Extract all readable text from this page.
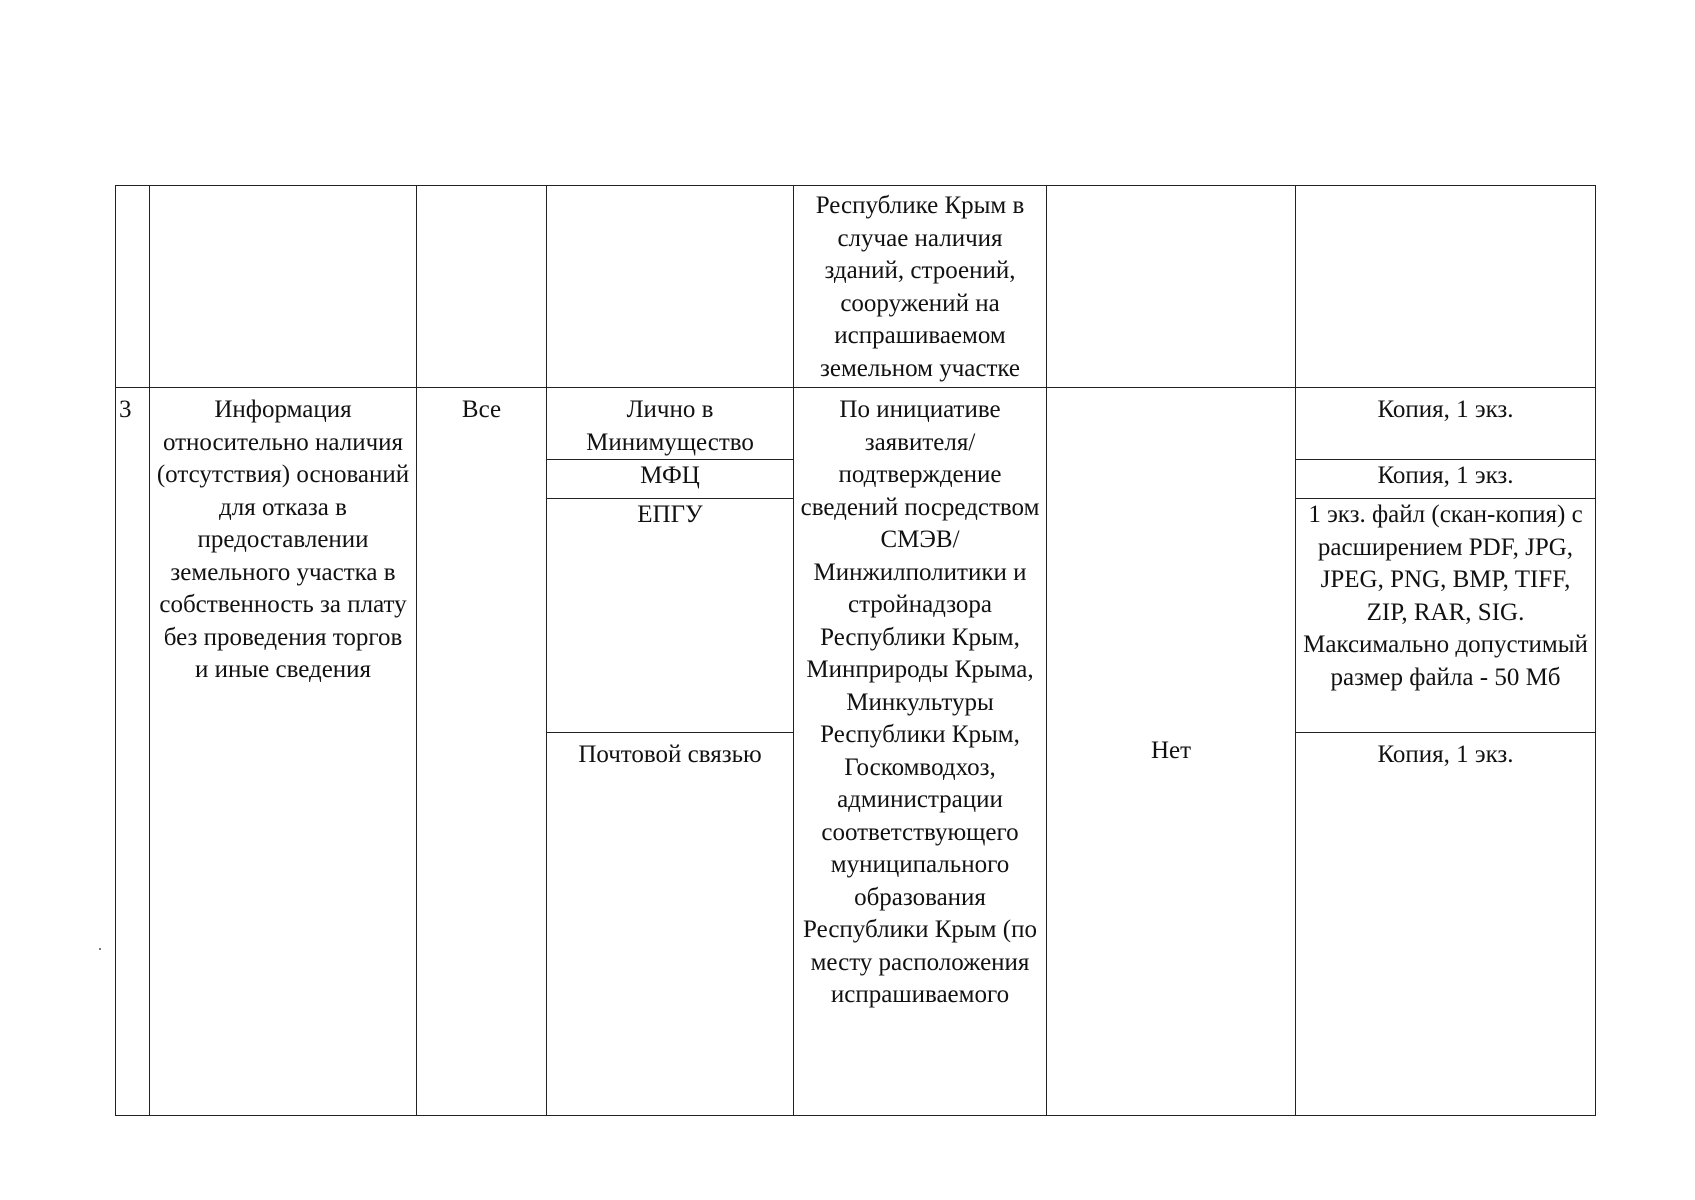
				Республике Крым в случае наличия зданий, строений, сооружений на испрашиваемом земельном участке		

3	Информация относительно наличия (отсутствия) оснований для отказа в предоставлении земельного участка в собственность за плату без проведения торгов и иные сведения	Все	Лично в Минимущество	По инициативе заявителя/ подтверждение сведений посредством СМЭВ/ Минжилполитики и стройнадзора Республики Крым, Минприроды Крыма, Минкультуры Республики Крым, Госкомводхоз, администрации соответствующего муниципального образования Республики Крым (по месту расположения испрашиваемого	Нет	Копия, 1 экз.
			МФЦ			Копия, 1 экз.
			ЕПГУ			1 экз. файл (скан-копия) с расширением PDF, JPG, JPEG, PNG, BMP, TIFF, ZIP, RAR, SIG. Максимально допустимый размер файла - 50 Мб
			Почтовой связью			Копия, 1 экз.
